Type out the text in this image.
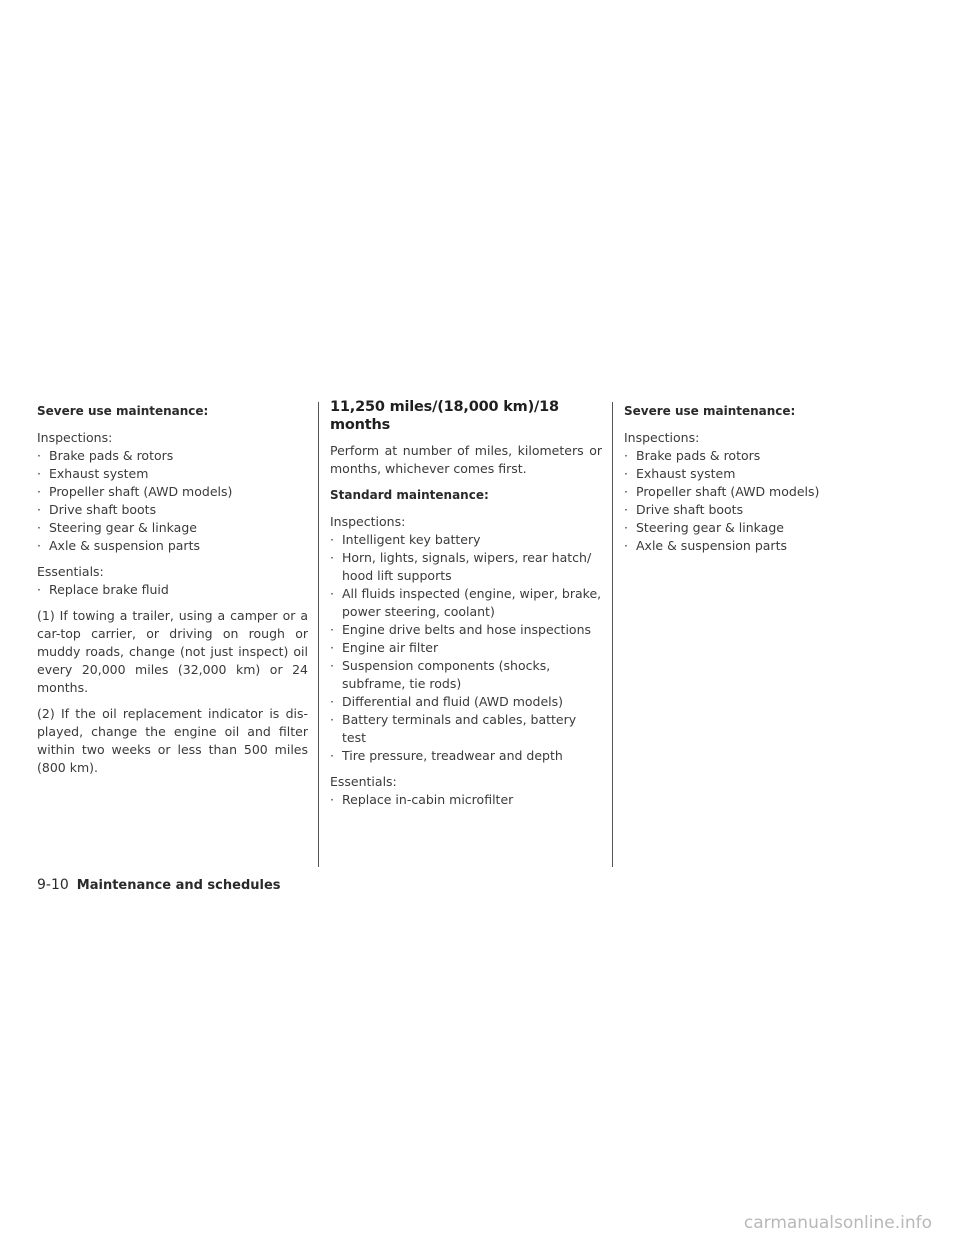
Severe use maintenance:

Inspections:

· Brake pads & rotors
· Exhaust system
· Propeller shaft (AWD models)
· Drive shaft boots
· Steering gear & linkage
· Axle & suspension parts

Essentials:

· Replace brake fluid

(1) If towing a trailer, using a camper or a car-top carrier, or driving on rough or muddy roads, change (not just inspect) oil every 20,000 miles (32,000 km) or 24 months.

(2) If the oil replacement indicator is dis- played, change the engine oil and filter within two weeks or less than 500 miles (800 km).

11,250 miles/(18,000 km)/18 months

Perform at number of miles, kilometers or months, whichever comes first.

Standard maintenance:

Inspections:

· Intelligent key battery
· Horn, lights, signals, wipers, rear hatch/ hood lift supports
· All fluids inspected (engine, wiper, brake, power steering, coolant)
· Engine drive belts and hose inspections
· Engine air filter
· Suspension components (shocks, subframe, tie rods)
· Differential and fluid (AWD models)
· Battery terminals and cables, battery test
· Tire pressure, treadwear and depth

Essentials:

· Replace in-cabin microfilter

Severe use maintenance:

Inspections:

· Brake pads & rotors
· Exhaust system
· Propeller shaft (AWD models)
· Drive shaft boots
· Steering gear & linkage
· Axle & suspension parts
9-10 Maintenance and schedules
carmanualsonline.info
